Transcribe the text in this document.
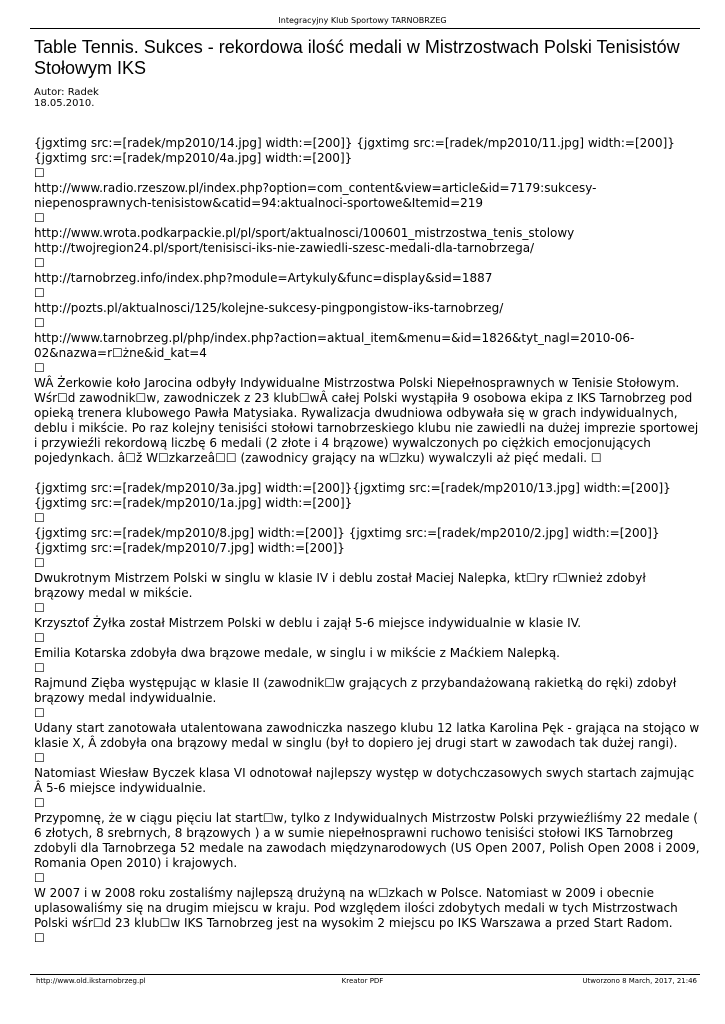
Integracyjny Klub Sportowy TARNOBRZEG
Table Tennis. Sukces - rekordowa ilość medali w Mistrzostwach Polski Tenisistów Stołowym IKS
Autor: Radek
18.05.2010.
{jgxtimg src:=[radek/mp2010/14.jpg] width:=[200]} {jgxtimg src:=[radek/mp2010/11.jpg] width:=[200]}{jgxtimg src:=[radek/mp2010/4a.jpg] width:=[200]}
☐
http://www.radio.rzeszow.pl/index.php?option=com_content&view=article&id=7179:sukcesy-niepenosprawnych-tenisistow&catid=94:aktualnoci-sportowe&Itemid=219
☐
http://www.wrota.podkarpackie.pl/pl/sport/aktualnosci/100601_mistrzostwa_tenis_stolowy
http://twojregion24.pl/sport/tenisisci-iks-nie-zawiedli-szesc-medali-dla-tarnobrzega/
☐
http://tarnobrzeg.info/index.php?module=Artykuly&func=display&sid=1887
☐
http://pozts.pl/aktualnosci/125/kolejne-sukcesy-pingpongistow-iks-tarnobrzeg/
☐
http://www.tarnobrzeg.pl/php/index.php?action=aktual_item&menu=&id=1826&tyt_nagl=2010-06-02&nazwa=r☐żne&id_kat=4
☐
WÂ Żerkowie koło Jarocina odbyły Indywidualne Mistrzostwa Polski Niepełnosprawnych w Tenisie Stołowym. Wśr☐d zawodnik☐w, zawodniczek z 23 klub☐wÂ całej Polski wystąpiła 9 osobowa ekipa z IKS Tarnobrzeg pod opieką trenera klubowego Pawła Matysiaka. Rywalizacja dwudniowa odbywała się w grach indywidualnych, deblu i mikście. Po raz kolejny tenisiści stołowi tarnobrzeskiego klubu nie zawiedli na dużej imprezie sportowej i przywieźli rekordową liczbę 6 medali (2 złote i 4 brązowe) wywalczonych po ciężkich emocjonujących pojedynkach. â☐ž W☐zkarzeâ☐☐ (zawodnicy grający na w☐zku) wywalczyli aż pięć medali. ☐

{jgxtimg src:=[radek/mp2010/3a.jpg] width:=[200]}{jgxtimg src:=[radek/mp2010/13.jpg] width:=[200]}{jgxtimg src:=[radek/mp2010/1a.jpg] width:=[200]}
☐
{jgxtimg src:=[radek/mp2010/8.jpg] width:=[200]} {jgxtimg src:=[radek/mp2010/2.jpg] width:=[200]}{jgxtimg src:=[radek/mp2010/7.jpg] width:=[200]}
☐
Dwukrotnym Mistrzem Polski w singlu w klasie IV i deblu został Maciej Nalepka, kt☐ry r☐wnież zdobył brązowy medal w mikście.
☐
Krzysztof Żyłka został Mistrzem Polski w deblu i zajął 5-6 miejsce indywidualnie w klasie IV.
☐
Emilia Kotarska zdobyła dwa brązowe medale, w singlu i w mikście z Maćkiem Nalepką.
☐
Rajmund Zięba występując w klasie II (zawodnik☐w grających z przybandażowaną rakietką do ręki) zdobył brązowy medal indywidualnie.
☐
Udany start zanotowała utalentowana zawodniczka naszego klubu 12 latka Karolina Pęk - grająca na stojąco w klasie X, Â zdobyła ona brązowy medal w singlu (był to dopiero jej drugi start w zawodach tak dużej rangi).
☐
Natomiast Wiesław Byczek klasa VI odnotował najlepszy występ w dotychczasowych swych startach zajmując Â 5-6 miejsce indywidualnie.
☐
Przypomnę, że w ciągu pięciu lat start☐w, tylko z Indywidualnych Mistrzostw Polski przywieźliśmy 22 medale ( 6 złotych, 8 srebrnych, 8 brązowych ) a w sumie niepełnosprawni ruchowo tenisiści stołowi IKS Tarnobrzeg zdobyli dla Tarnobrzega 52 medale na zawodach międzynarodowych (US Open 2007, Polish Open 2008 i 2009, Romania Open 2010) i krajowych.
☐
W 2007 i w 2008 roku zostaliśmy najlepszą drużyną na w☐zkach w Polsce. Natomiast w 2009 i obecnie uplasowaliśmy się na drugim miejscu w kraju. Pod względem ilości zdobytych medali w tych Mistrzostwach Polski wśr☐d 23 klub☐w IKS Tarnobrzeg jest na wysokim 2 miejscu po IKS Warszawa a przed Start Radom.
☐
http://www.old.ikstarnobrzeg.pl	Kreator PDF	Utworzono 8 March, 2017, 21:46
